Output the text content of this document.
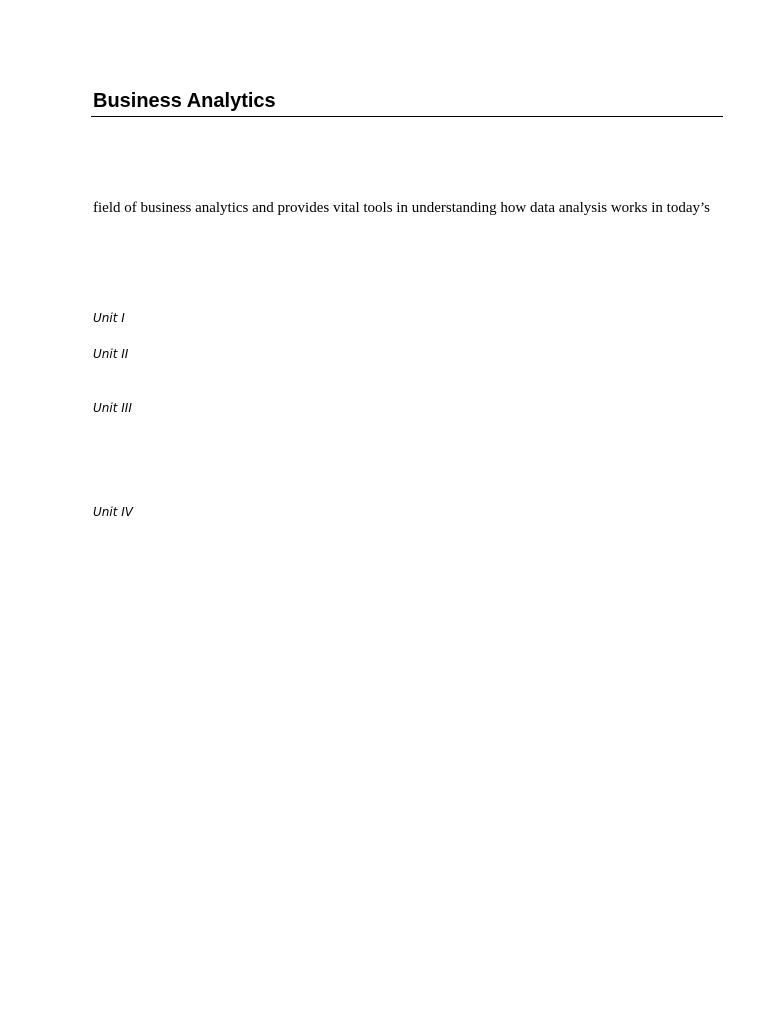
Business Analytics

field of business analytics and provides vital tools in understanding how data analysis works in today’s

Unit I
Unit II
Unit III
Unit IV
